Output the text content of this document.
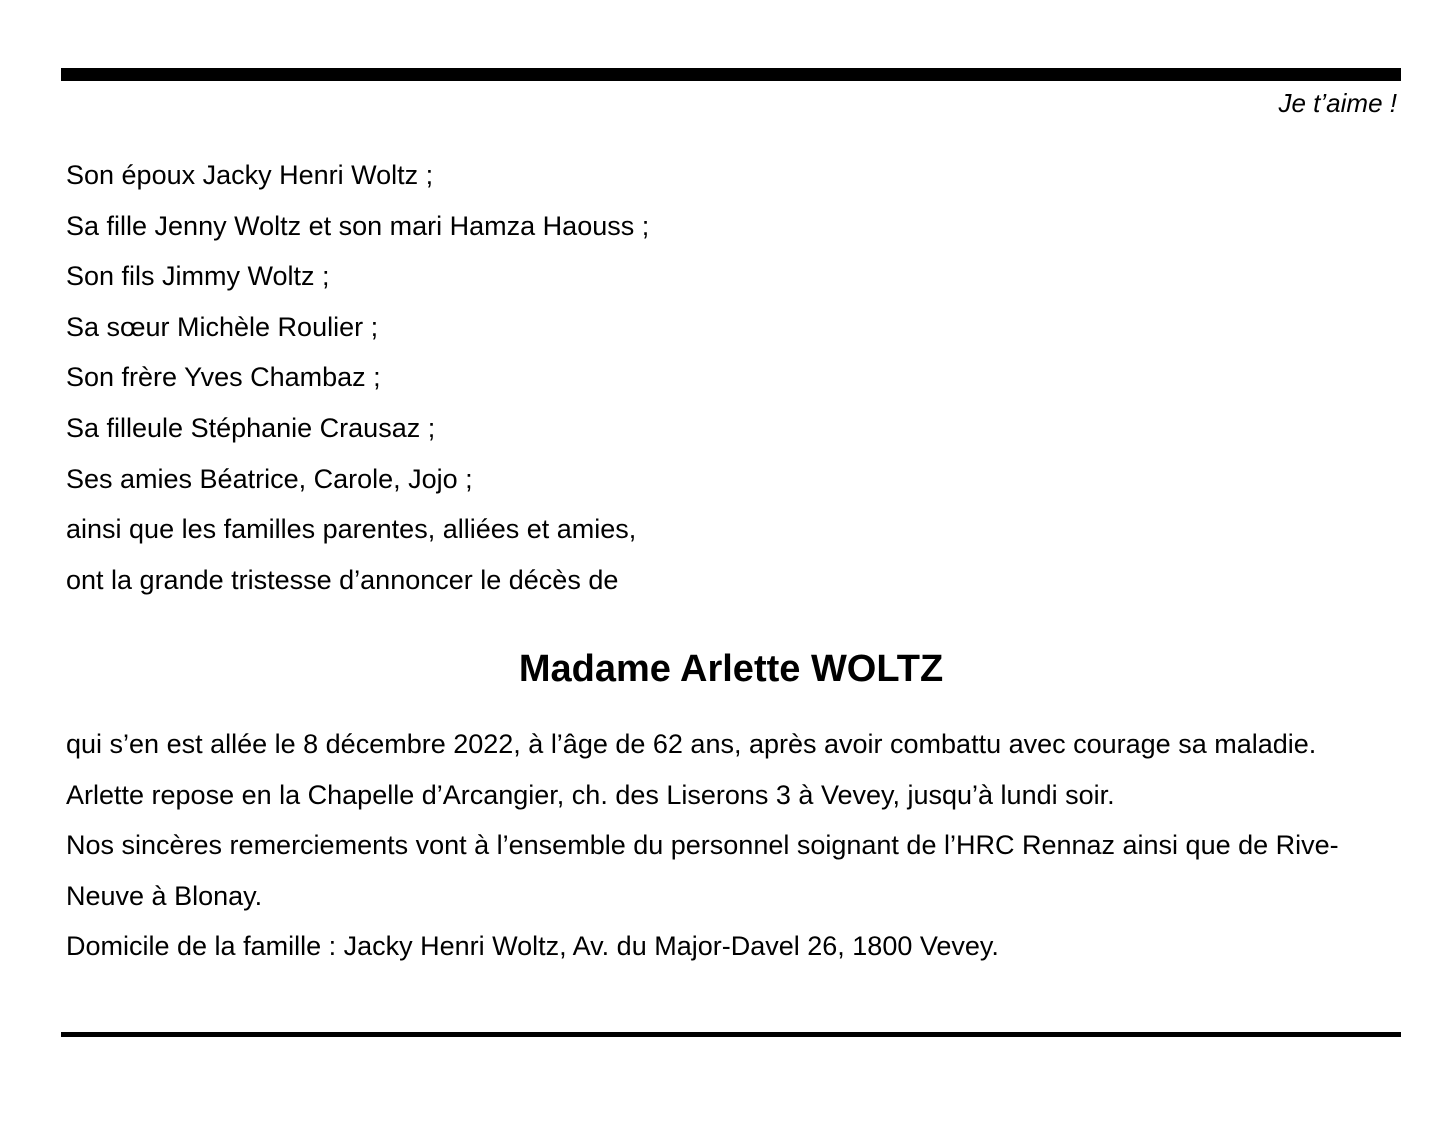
Je t’aime !
Son époux Jacky Henri Woltz ;
Sa fille Jenny Woltz et son mari Hamza Haouss ;
Son fils Jimmy Woltz ;
Sa sœur Michèle Roulier ;
Son frère Yves Chambaz ;
Sa filleule Stéphanie Crausaz ;
Ses amies Béatrice, Carole, Jojo ;
ainsi que les familles parentes, alliées et amies,
ont la grande tristesse d’annoncer le décès de
Madame Arlette WOLTZ

qui s’en est allée le 8 décembre 2022, à l’âge de 62 ans, après avoir combattu avec courage sa maladie.

Arlette repose en la Chapelle d’Arcangier, ch. des Liserons 3 à Vevey, jusqu’à lundi soir.

Nos sincères remerciements vont à l’ensemble du personnel soignant de l’HRC Rennaz ainsi que de Rive-Neuve à Blonay.

Domicile de la famille : Jacky Henri Woltz, Av. du Major-Davel 26, 1800 Vevey.
